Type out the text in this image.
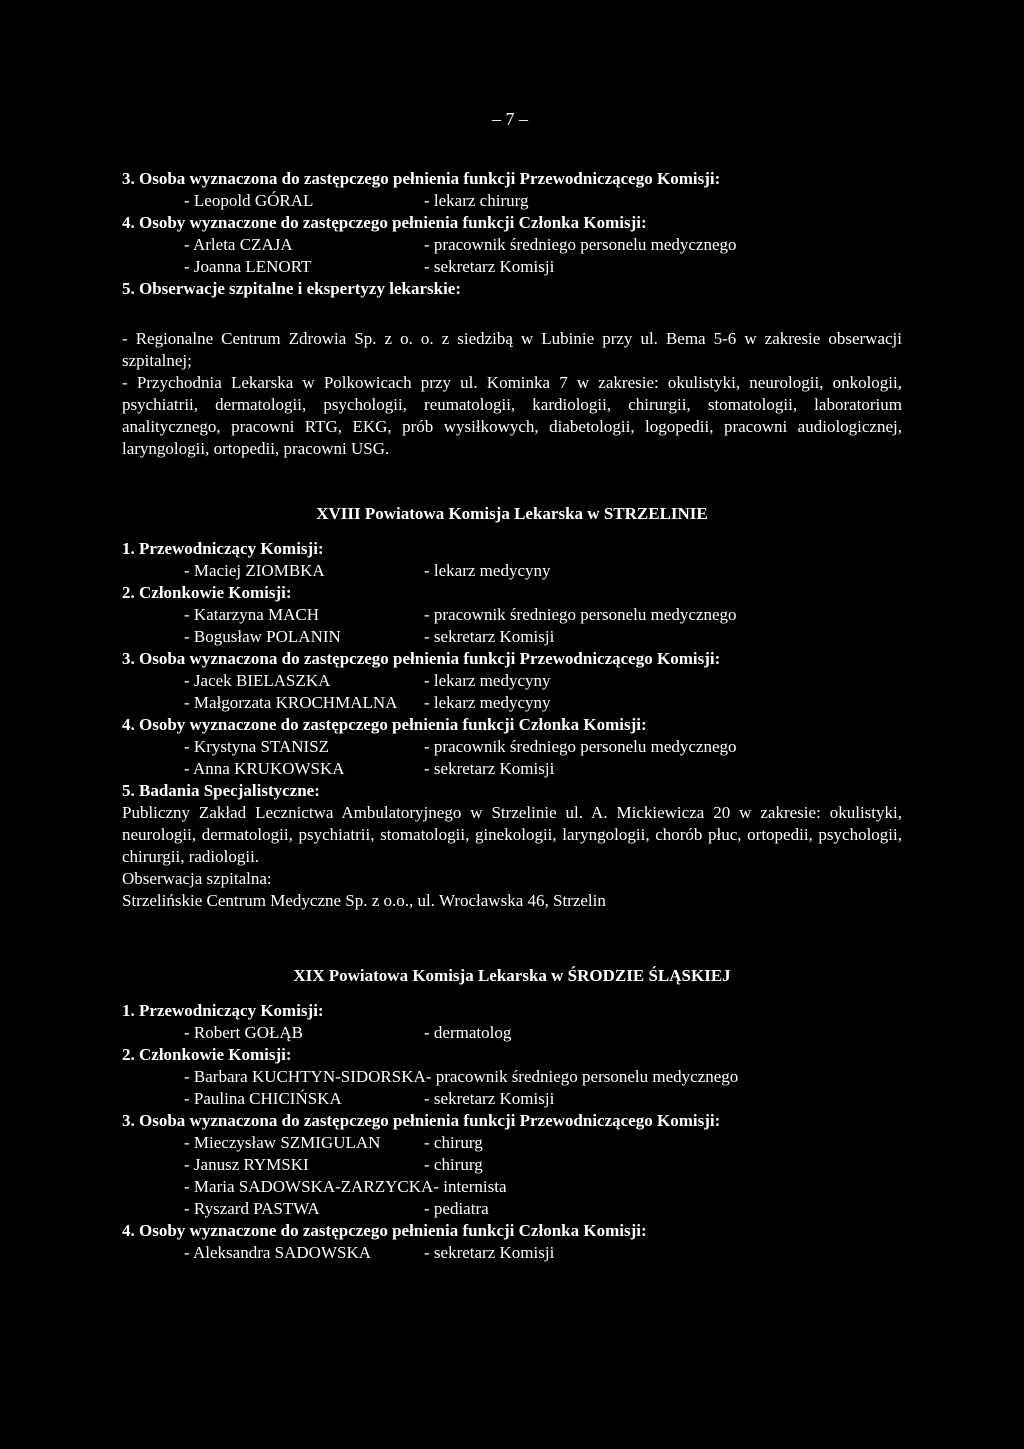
– 7 –
3. Osoba wyznaczona do zastępczego pełnienia funkcji Przewodniczącego Komisji:
- Leopold GÓRAL	- lekarz chirurg
4. Osoby wyznaczone do zastępczego pełnienia funkcji Członka Komisji:
- Arleta CZAJA	- pracownik średniego personelu medycznego
- Joanna LENORT	- sekretarz Komisji
5. Obserwacje szpitalne i ekspertyzy lekarskie:
- Regionalne Centrum Zdrowia Sp. z o. o. z siedzibą w Lubinie przy ul. Bema 5-6 w zakresie obserwacji szpitalnej;
- Przychodnia Lekarska w Polkowicach przy ul. Kominka 7 w zakresie: okulistyki, neurologii, onkologii, psychiatrii, dermatologii, psychologii, reumatologii, kardiologii, chirurgii, stomatologii, laboratorium analitycznego, pracowni RTG, EKG, prób wysiłkowych, diabetologii, logopedii, pracowni audiologicznej, laryngologii, ortopedii, pracowni USG.
XVIII Powiatowa Komisja Lekarska w STRZELINIE
1. Przewodniczący Komisji:
- Maciej ZIOMBKA	- lekarz medycyny
2. Członkowie Komisji:
- Katarzyna MACH	- pracownik średniego personelu medycznego
- Bogusław POLANIN	- sekretarz Komisji
3. Osoba wyznaczona do zastępczego pełnienia funkcji Przewodniczącego Komisji:
- Jacek BIELASZKA	- lekarz medycyny
- Małgorzata KROCHMALNA - lekarz medycyny
4. Osoby wyznaczone do zastępczego pełnienia funkcji Członka Komisji:
- Krystyna STANISZ	- pracownik średniego personelu medycznego
- Anna KRUKOWSKA	- sekretarz Komisji
5. Badania Specjalistyczne:
Publiczny Zakład Lecznictwa Ambulatoryjnego w Strzelinie ul. A. Mickiewicza 20 w zakresie: okulistyki, neurologii, dermatologii, psychiatrii, stomatologii, ginekologii, laryngologii, chorób płuc, ortopedii, psychologii, chirurgii, radiologii.
Obserwacja szpitalna:
Strzelińskie Centrum Medyczne Sp. z o.o., ul. Wrocławska 46, Strzelin
XIX Powiatowa Komisja Lekarska w ŚRODZIE ŚLĄSKIEJ
1. Przewodniczący Komisji:
- Robert GOŁĄB	- dermatolog
2. Członkowie Komisji:
- Barbara KUCHTYN-SIDORSKA- pracownik średniego personelu medycznego
- Paulina CHICIŃSKA	- sekretarz Komisji
3. Osoba wyznaczona do zastępczego pełnienia funkcji Przewodniczącego Komisji:
- Mieczysław SZMIGULAN	- chirurg
- Janusz RYMSKI	- chirurg
- Maria SADOWSKA-ZARZYCKA- internista
- Ryszard PASTWA	- pediatra
4. Osoby wyznaczone do zastępczego pełnienia funkcji Członka Komisji:
- Aleksandra SADOWSKA	- sekretarz Komisji
